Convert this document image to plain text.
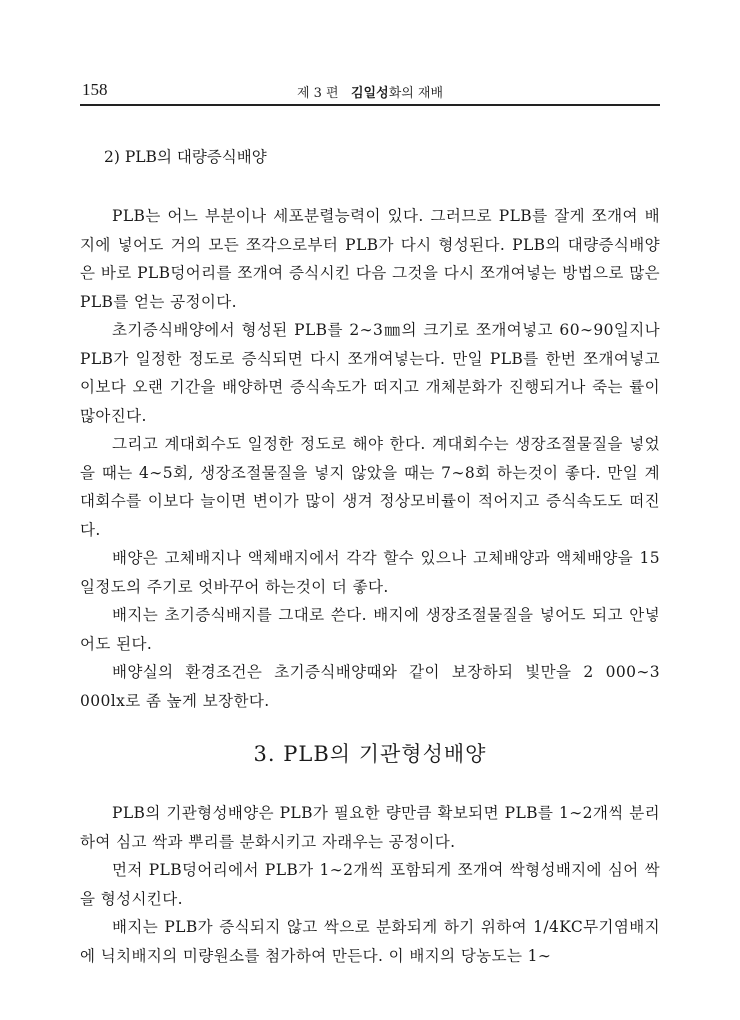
158	제 3 편 김일성화의 재배
2) PLB의 대량증식배양

PLB는 어느 부분이나 세포분렬능력이 있다. 그러므로 PLB를 잘게 쪼개여 배지에 넣어도 거의 모든 쪼각으로부터 PLB가 다시 형성된다. PLB의 대량증식배양은 바로 PLB덩어리를 쪼개여 증식시킨 다음 그것을 다시 쪼개여넣는 방법으로 많은 PLB를 얻는 공정이다.

초기증식배양에서 형성된 PLB를 2∼3㎜의 크기로 쪼개여넣고 60∼90일지나 PLB가 일정한 정도로 증식되면 다시 쪼개여넣는다. 만일 PLB를 한번 쪼개여넣고 이보다 오랜 기간을 배양하면 증식속도가 떠지고 개체분화가 진행되거나 죽는 률이 많아진다.

그리고 계대회수도 일정한 정도로 해야 한다. 계대회수는 생장조절물질을 넣었을 때는 4∼5회, 생장조절물질을 넣지 않았을 때는 7∼8회 하는것이 좋다. 만일 계대회수를 이보다 늘이면 변이가 많이 생겨 정상모비률이 적어지고 증식속도도 떠진다.

배양은 고체배지나 액체배지에서 각각 할수 있으나 고체배양과 액체배양을 15일정도의 주기로 엇바꾸어 하는것이 더 좋다.

배지는 초기증식배지를 그대로 쓴다. 배지에 생장조절물질을 넣어도 되고 안넣어도 된다.

배양실의 환경조건은 초기증식배양때와 같이 보장하되 빛만을 2 000∼3 000lx로 좀 높게 보장한다.

3. PLB의 기관형성배양

PLB의 기관형성배양은 PLB가 필요한 량만큼 확보되면 PLB를 1∼2개씩 분리하여 심고 싹과 뿌리를 분화시키고 자래우는 공정이다.

먼저 PLB덩어리에서 PLB가 1∼2개씩 포함되게 쪼개여 싹형성배지에 심어 싹을 형성시킨다.

배지는 PLB가 증식되지 않고 싹으로 분화되게 하기 위하여 1/4KC무기염배지에 닉치배지의 미량원소를 첨가하여 만든다. 이 배지의 당농도는 1∼
